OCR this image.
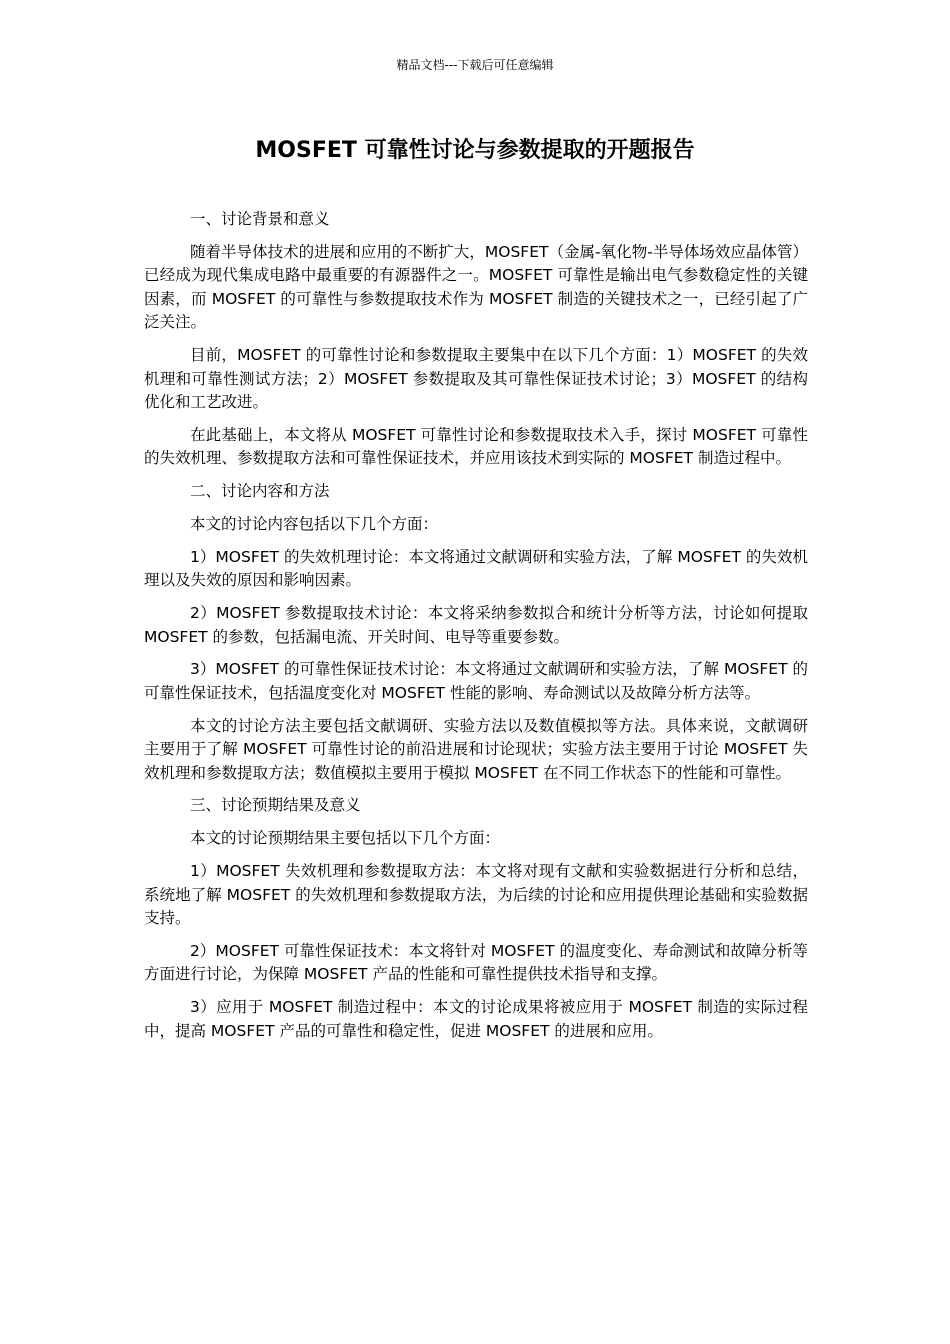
精品文档---下载后可任意编辑
MOSFET 可靠性讨论与参数提取的开题报告

一、讨论背景和意义

随着半导体技术的进展和应用的不断扩大，MOSFET（金属-氧化物-半导体场效应晶体管）已经成为现代集成电路中最重要的有源器件之一。MOSFET 可靠性是输出电气参数稳定性的关键因素，而 MOSFET 的可靠性与参数提取技术作为 MOSFET 制造的关键技术之一，已经引起了广泛关注。

目前，MOSFET 的可靠性讨论和参数提取主要集中在以下几个方面：1）MOSFET 的失效机理和可靠性测试方法；2）MOSFET 参数提取及其可靠性保证技术讨论；3）MOSFET 的结构优化和工艺改进。

在此基础上，本文将从 MOSFET 可靠性讨论和参数提取技术入手，探讨 MOSFET 可靠性的失效机理、参数提取方法和可靠性保证技术，并应用该技术到实际的 MOSFET 制造过程中。

二、讨论内容和方法

本文的讨论内容包括以下几个方面：

1）MOSFET 的失效机理讨论：本文将通过文献调研和实验方法，了解 MOSFET 的失效机理以及失效的原因和影响因素。

2）MOSFET 参数提取技术讨论：本文将采纳参数拟合和统计分析等方法，讨论如何提取 MOSFET 的参数，包括漏电流、开关时间、电导等重要参数。

3）MOSFET 的可靠性保证技术讨论：本文将通过文献调研和实验方法，了解 MOSFET 的可靠性保证技术，包括温度变化对 MOSFET 性能的影响、寿命测试以及故障分析方法等。

本文的讨论方法主要包括文献调研、实验方法以及数值模拟等方法。具体来说，文献调研主要用于了解 MOSFET 可靠性讨论的前沿进展和讨论现状；实验方法主要用于讨论 MOSFET 失效机理和参数提取方法；数值模拟主要用于模拟 MOSFET 在不同工作状态下的性能和可靠性。

三、讨论预期结果及意义

本文的讨论预期结果主要包括以下几个方面：

1）MOSFET 失效机理和参数提取方法：本文将对现有文献和实验数据进行分析和总结，系统地了解 MOSFET 的失效机理和参数提取方法，为后续的讨论和应用提供理论基础和实验数据支持。

2）MOSFET 可靠性保证技术：本文将针对 MOSFET 的温度变化、寿命测试和故障分析等方面进行讨论，为保障 MOSFET 产品的性能和可靠性提供技术指导和支撑。

3）应用于 MOSFET 制造过程中：本文的讨论成果将被应用于 MOSFET 制造的实际过程中，提高 MOSFET 产品的可靠性和稳定性，促进 MOSFET 的进展和应用。
